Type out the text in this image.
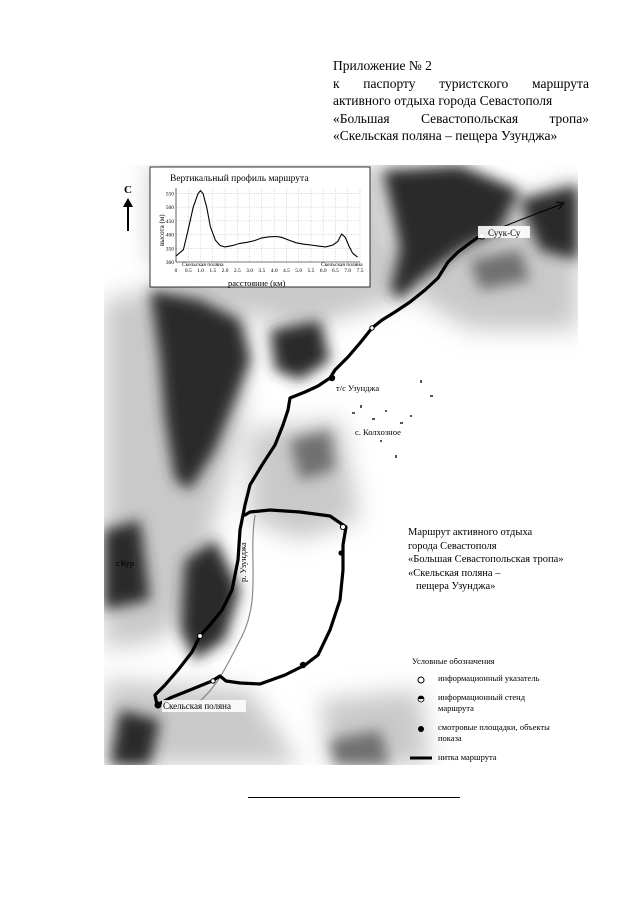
Приложение № 2
к паспорту туристского маршрута
активного отдыха города Севастополя
«Большая Севастопольская тропа»
«Скельская поляна – пещера Узунджа»
С
Суук-Су
т/с Узунджа
с. Колхозное
р. Узунджа
г.Кур
Скельская поляна
Вертикальный профиль маршрута
высота (м)
расстояние (км)
300
350
400
450
500
550
0 0.5 1.0 1.5 2.0 2.5 3.0 3.5 4.0 4.5 5.0 5.5 6.0 6.5 7.0 7.5
Скельская поляна	Скельская поляна
Маршрут активного отдыха
города Севастополя
«Большая Севастопольская тропа»
«Скельская поляна –
пещера Узунджа»
Условные обозначения
информационный указатель
информационный стенд маршрута
смотровые площадки, объекты показа
нитка маршрута
